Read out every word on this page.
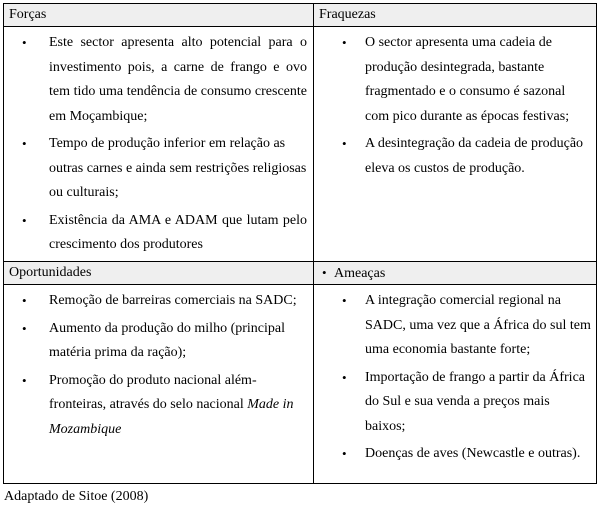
Forças	Fraquezas
Oportunidades	• Ameaças
• Este sector apresenta alto potencial para o investimento pois, a carne de frango e ovo tem tido uma tendência de consumo crescente em Moçambique;
• Tempo de produção inferior em relação as outras carnes e ainda sem restrições religiosas ou culturais;
• Existência da AMA e ADAM que lutam pelo crescimento dos produtores
• O sector apresenta uma cadeia de produção desintegrada, bastante fragmentado e o consumo é sazonal com pico durante as épocas festivas;
• A desintegração da cadeia de produção eleva os custos de produção.
• Remoção de barreiras comerciais na SADC;
• Aumento da produção do milho (principal matéria prima da ração);
• Promoção do produto nacional além-fronteiras, através do selo nacional Made in Mozambique
• A integração comercial regional na SADC, uma vez que a África do sul tem uma economia bastante forte;
• Importação de frango a partir da África do Sul e sua venda a preços mais baixos;
• Doenças de aves (Newcastle e outras).
Adaptado de Sitoe (2008)
